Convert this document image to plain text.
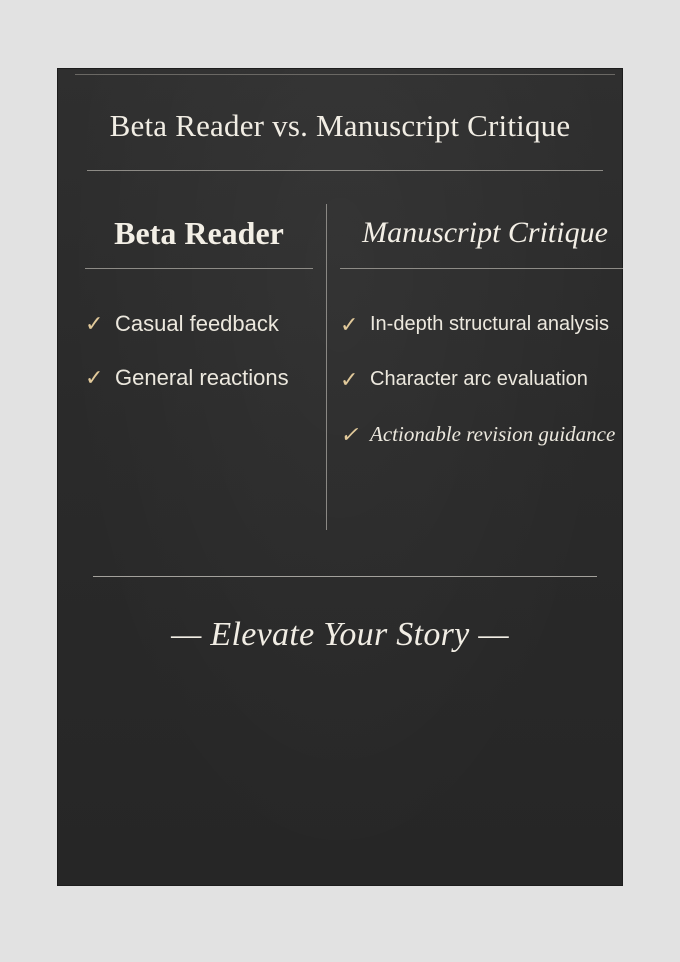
Beta Reader vs. Manuscript Critique
Beta Reader
✓ Casual feedback
✓ General reactions
Manuscript Critique
✓ In-depth structural analysis
✓ Character arc evaluation
✓ Actionable revision guidance
— Elevate Your Story —
